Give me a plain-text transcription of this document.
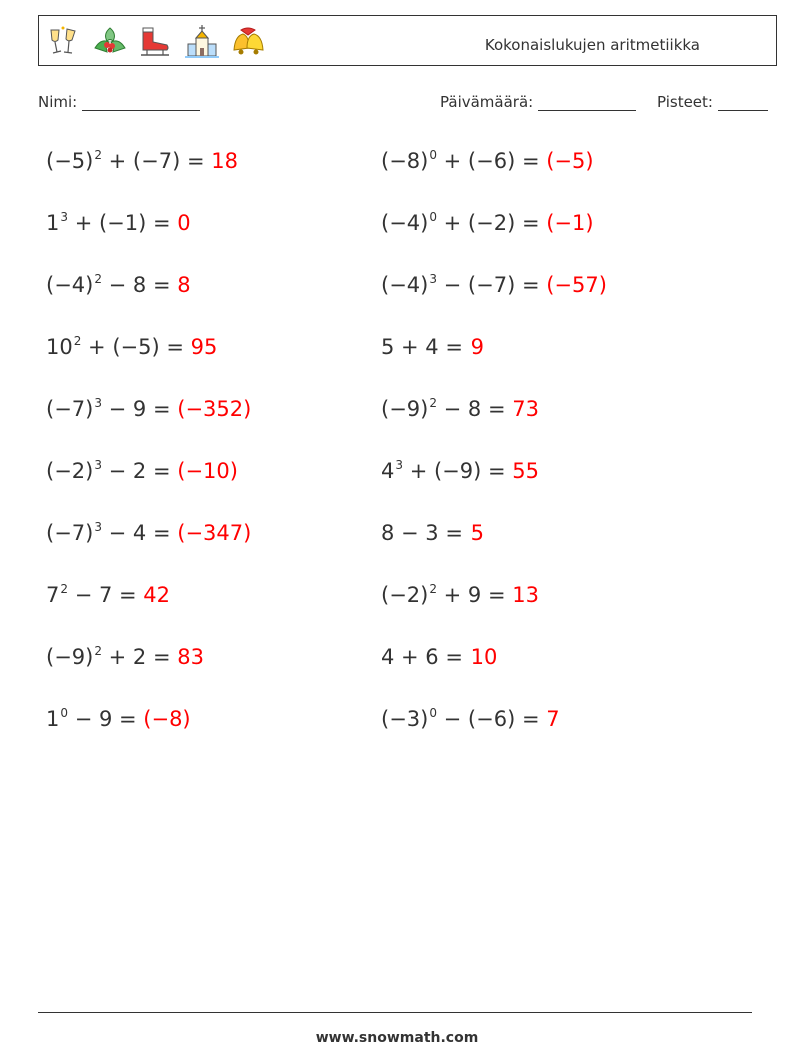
Kokonaislukujen aritmetiikka
Nimi:	Päivämäärä:	Pisteet:
$(-5)^2 + (-7) = 18$	$(-8)^0 + (-6) = (-5)$
$1^3 + (-1) = 0$	$(-4)^0 + (-2) = (-1)$
$(-4)^2 - 8 = 8$	$(-4)^3 - (-7) = (-57)$
$10^2 + (-5) = 95$	5 + 4 = 9
$(-7)^3 - 9 = (-352)$	$(-9)^2 - 8 = 73$
$(-2)^3 - 2 = (-10)$	$4^3 + (-9) = 55$
$(-7)^3 - 4 = (-347)$	8 − 3 = 5
$7^2 - 7 = 42$	$(-2)^2 + 9 = 13$
$(-9)^2 + 2 = 83$	4 + 6 = 10
$1^0 - 9 = (-8)$	$(-3)^0 - (-6) = 7$
www.snowmath.com
